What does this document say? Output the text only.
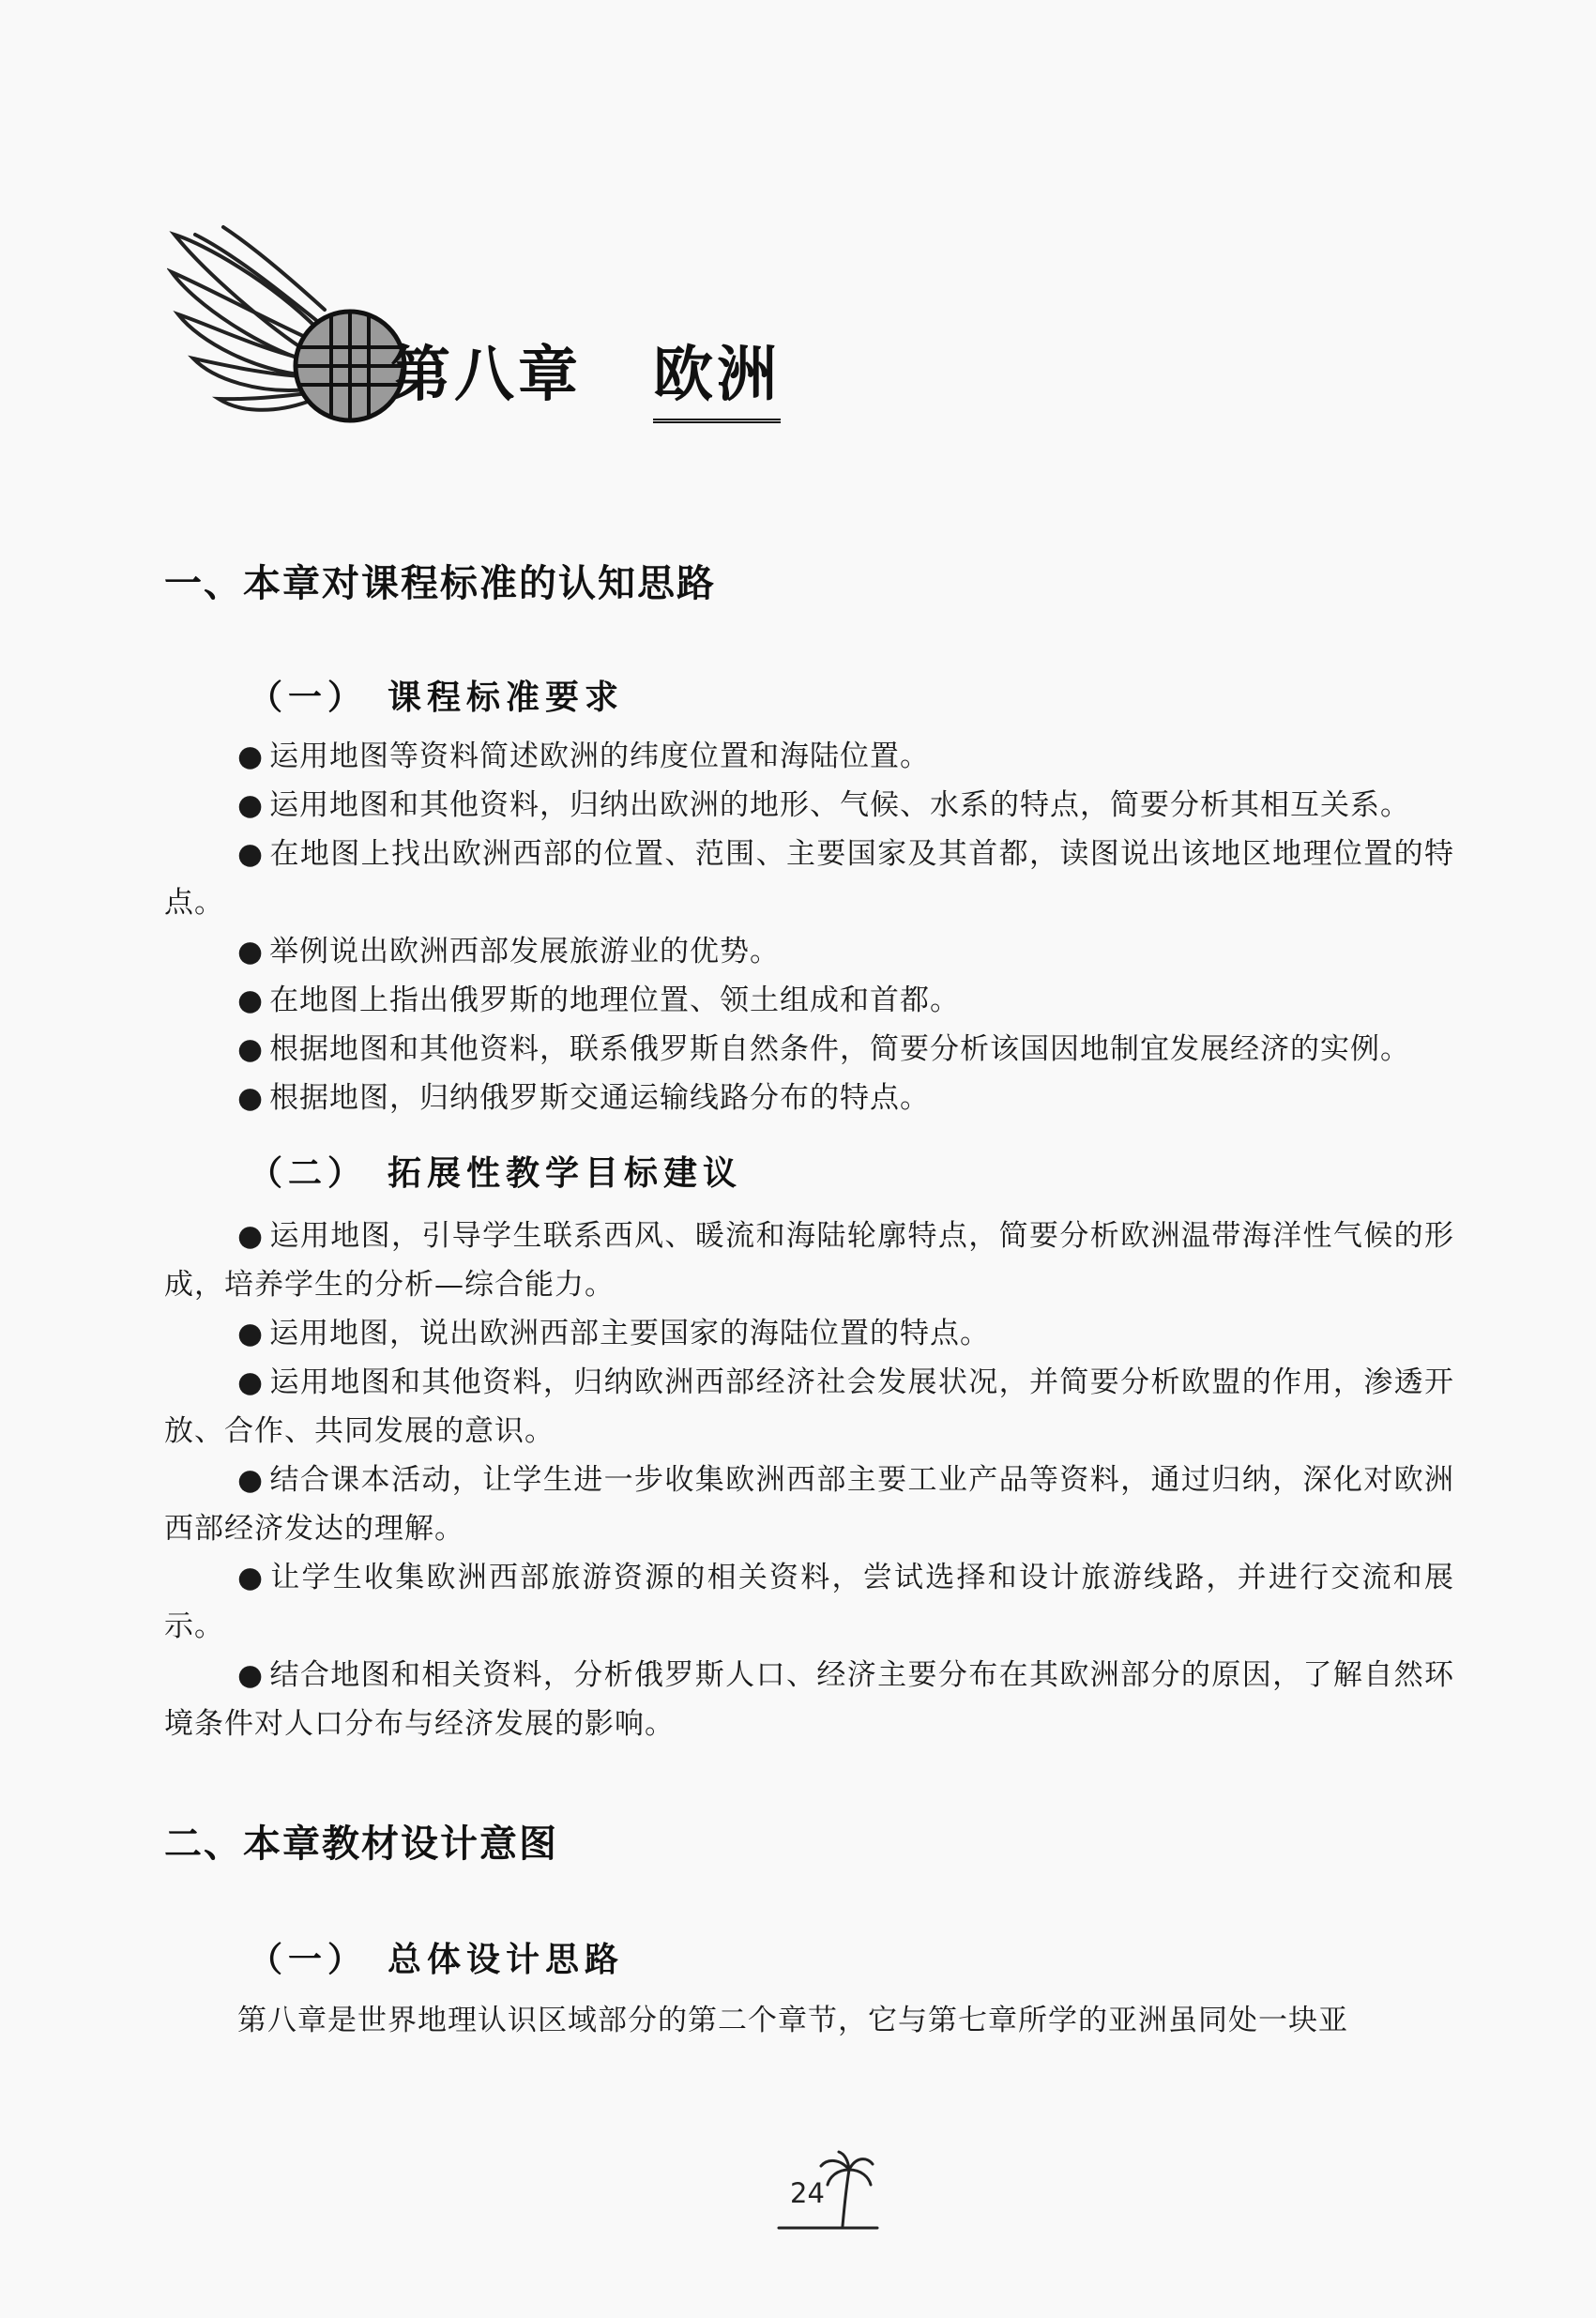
第八章 欧洲
一、本章对课程标准的认知思路
（一） 课程标准要求

● 运用地图等资料简述欧洲的纬度位置和海陆位置。

● 运用地图和其他资料，归纳出欧洲的地形、气候、水系的特点，简要分析其相互关系。

● 在地图上找出欧洲西部的位置、范围、主要国家及其首都，读图说出该地区地理位置的特点。

● 举例说出欧洲西部发展旅游业的优势。

● 在地图上指出俄罗斯的地理位置、领土组成和首都。

● 根据地图和其他资料，联系俄罗斯自然条件，简要分析该国因地制宜发展经济的实例。

● 根据地图，归纳俄罗斯交通运输线路分布的特点。

（二） 拓展性教学目标建议

● 运用地图，引导学生联系西风、暖流和海陆轮廓特点，简要分析欧洲温带海洋性气候的形成，培养学生的分析—综合能力。

● 运用地图，说出欧洲西部主要国家的海陆位置的特点。

● 运用地图和其他资料，归纳欧洲西部经济社会发展状况，并简要分析欧盟的作用，渗透开放、合作、共同发展的意识。

● 结合课本活动，让学生进一步收集欧洲西部主要工业产品等资料，通过归纳，深化对欧洲西部经济发达的理解。

● 让学生收集欧洲西部旅游资源的相关资料，尝试选择和设计旅游线路，并进行交流和展示。

● 结合地图和相关资料，分析俄罗斯人口、经济主要分布在其欧洲部分的原因，了解自然环境条件对人口分布与经济发展的影响。

二、本章教材设计意图
（一） 总体设计思路

第八章是世界地理认识区域部分的第二个章节，它与第七章所学的亚洲虽同处一块亚

24
